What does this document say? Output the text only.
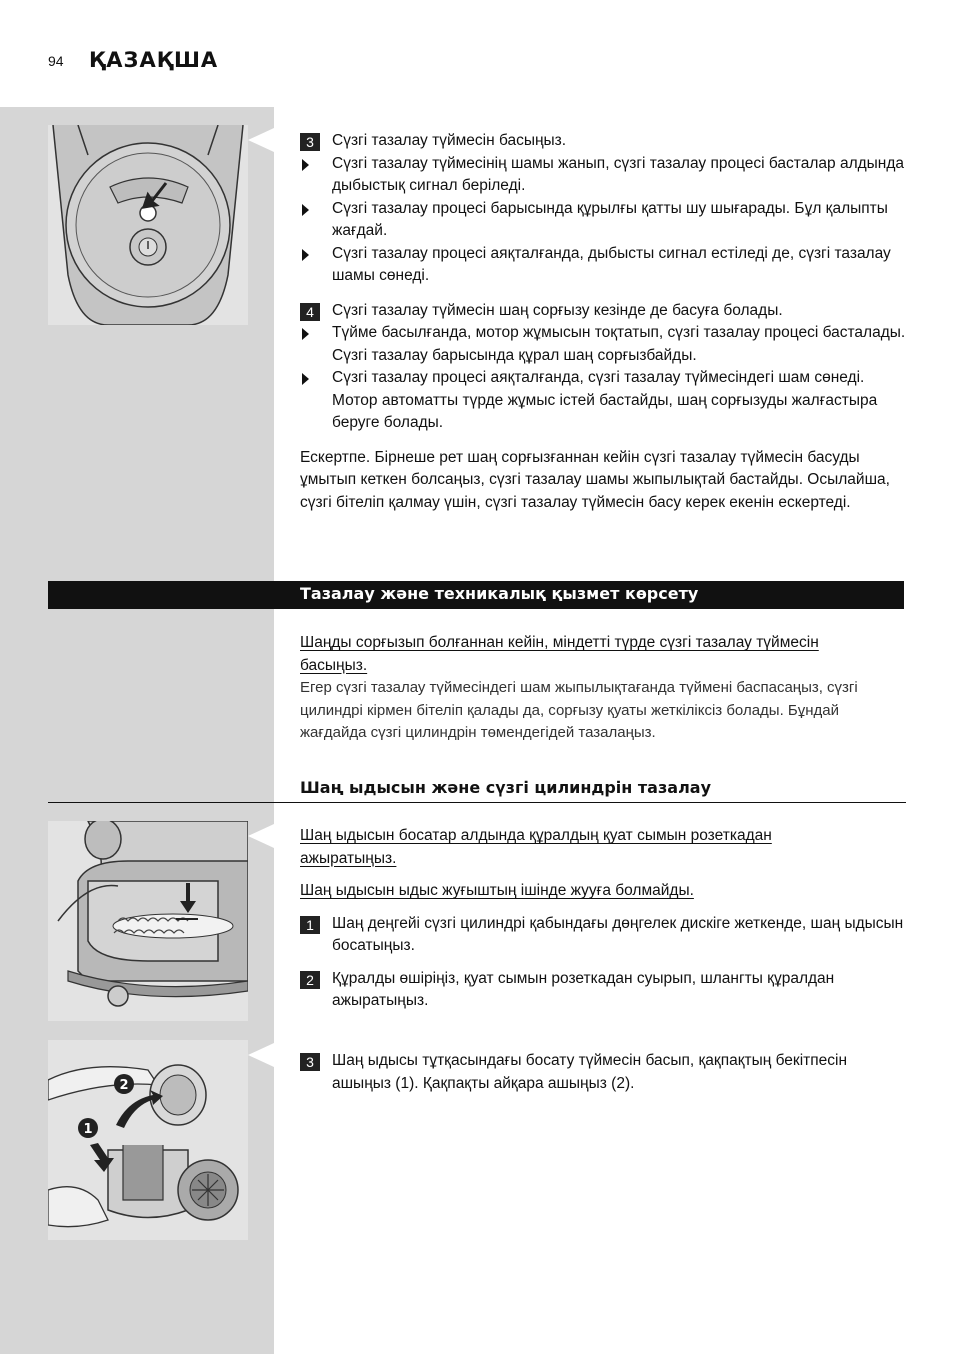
94 ҚАЗАҚША

3	Сүзгі тазалау түймесін басыңыз.

Сүзгі тазалау түймесінің шамы жанып, сүзгі тазалау процесі басталар алдында дыбыстық сигнал беріледі.

Сүзгі тазалау процесі барысында құрылғы қатты шу шығарады. Бұл қалыпты жағдай.

Сүзгі тазалау процесі аяқталғанда, дыбысты сигнал естіледі де, сүзгі тазалау шамы сөнеді.

4	Сүзгі тазалау түймесін шаң сорғызу кезінде де басуға болады.

Түйме басылғанда, мотор жұмысын тоқтатып, сүзгі тазалау процесі басталады. Сүзгі тазалау барысында құрал шаң сорғызбайды.

Сүзгі тазалау процесі аяқталғанда, сүзгі тазалау түймесіндегі шам сөнеді. Мотор автоматты түрде жұмыс істей бастайды, шаң сорғызуды жалғастыра беруге болады.

Ескертпе. Бірнеше рет шаң сорғызғаннан кейін сүзгі тазалау түймесін басуды ұмытып кеткен болсаңыз, сүзгі тазалау шамы жыпылықтай бастайды. Осылайша, сүзгі бітеліп қалмау үшін, сүзгі тазалау түймесін басу керек екенін ескертеді.

Тазалау және техникалық қызмет көрсету

Шаңды сорғызып болғаннан кейін, міндетті түрде сүзгі тазалау түймесін басыңыз.

Егер сүзгі тазалау түймесіндегі шам жыпылықтағанда түймені баспасаңыз, сүзгі цилиндрі кірмен бітеліп қалады да, сорғызу қуаты жеткіліксіз болады. Бұндай жағдайда сүзгі цилиндрін төмендегідей тазалаңыз.

Шаң ыдысын және сүзгі цилиндрін тазалау

Шаң ыдысын босатар алдында құралдың қуат сымын розеткадан ажыратыңыз.

Шаң ыдысын ыдыс жуғыштың ішінде жууға болмайды.

1	Шаң деңгейі сүзгі цилиндрі қабындағы дөңгелек дискіге жеткенде, шаң ыдысын босатыңыз.

2	Құралды өшіріңіз, қуат сымын розеткадан суырып, шлангты құралдан ажыратыңыз.

2
1

3	Шаң ыдысы тұтқасындағы босату түймесін басып, қақпақтың бекітпесін ашыңыз (1). Қақпақты айқара ашыңыз (2).
